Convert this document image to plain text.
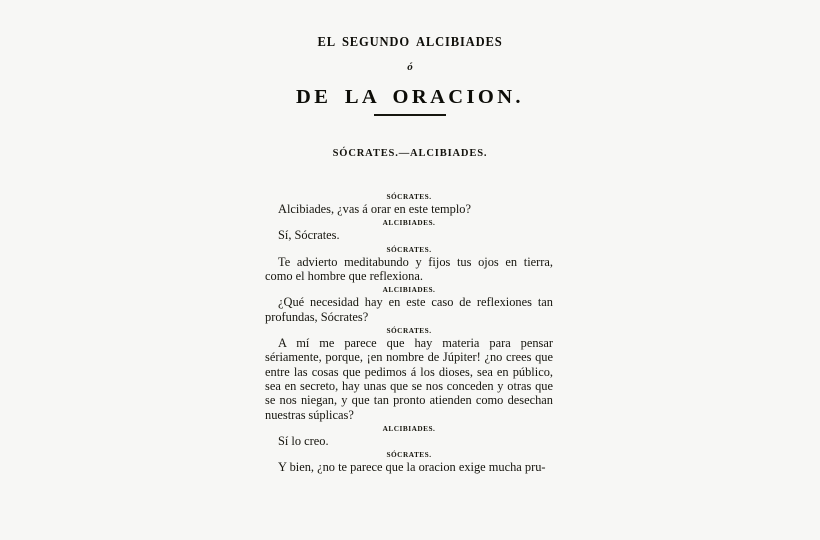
EL SEGUNDO ALCIBIADES
ó
DE LA ORACION.
SÓCRATES.—ALCIBIADES.

SÓCRATES.

Alcibiades, ¿vas á orar en este templo?

ALCIBIADES.

Sí, Sócrates.

SÓCRATES.

Te advierto meditabundo y fijos tus ojos en tierra, como el hombre que reflexiona.

ALCIBIADES.

¿Qué necesidad hay en este caso de reflexiones tan profundas, Sócrates?

SÓCRATES.

A mí me parece que hay materia para pensar sériamente, porque, ¡en nombre de Júpiter! ¿no crees que entre las cosas que pedimos á los dioses, sea en público, sea en secreto, hay unas que se nos conceden y otras que se nos niegan, y que tan pronto atienden como desechan nuestras súplicas?

ALCIBIADES.

Sí lo creo.

SÓCRATES.

Y bien, ¿no te parece que la oracion exige mucha pru-
